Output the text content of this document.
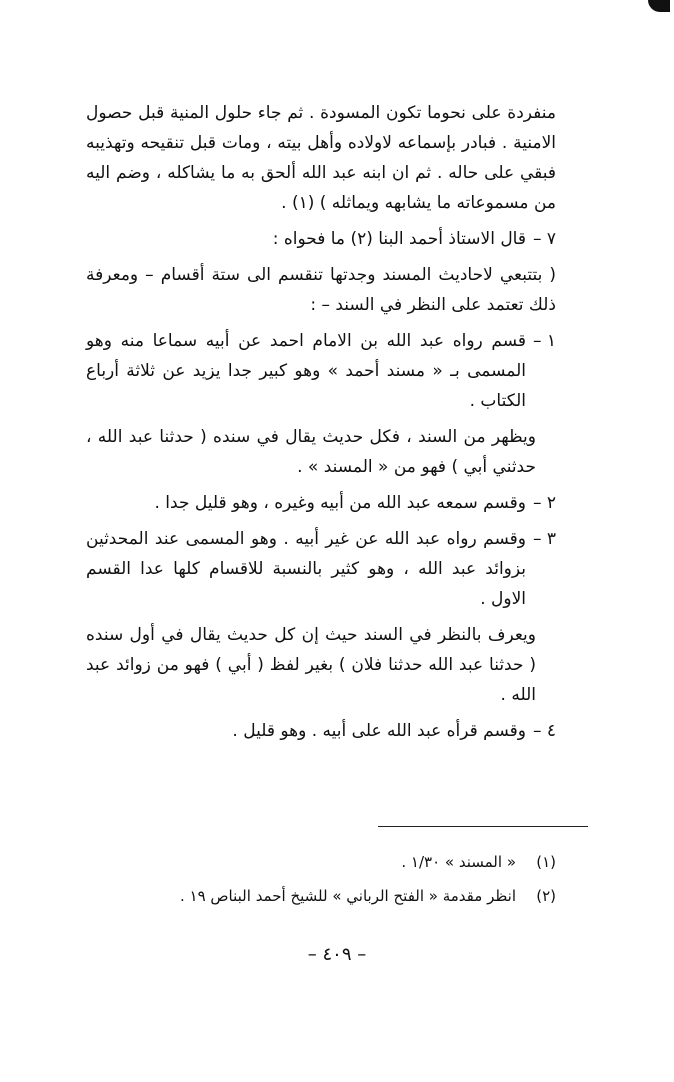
منفردة على نحوما تكون المسودة . ثم جاء حلول المنية قبل حصول الامنية . فبادر بإسماعه لاولاده وأهل بيته ، ومات قبل تنقيحه وتهذيبه فبقي على حاله . ثم ان ابنه عبد الله ألحق به ما يشاكله ، وضم اليه من مسموعاته ما يشابهه ويماثله ) (١) .

٧ –
قال الاستاذ أحمد البنا (٢) ما فحواه :

( بتتبعي لاحاديث المسند وجدتها تنقسم الى ستة أقسام – ومعرفة ذلك تعتمد على النظر في السند – :

١ –
قسم رواه عبد الله بن الامام احمد عن أبيه سماعا منه وهو المسمى بـ « مسند أحمد » وهو كبير جدا يزيد عن ثلاثة أرباع الكتاب .

ويظهر من السند ، فكل حديث يقال في سنده ( حدثنا عبد الله ، حدثني أبي ) فهو من « المسند » .

٢ –
وقسم سمعه عبد الله من أبيه وغيره ، وهو قليل جدا .
٣ –
وقسم رواه عبد الله عن غير أبيه . وهو المسمى عند المحدثين بزوائد عبد الله ، وهو كثير بالنسبة للاقسام كلها عدا القسم الاول .

ويعرف بالنظر في السند حيث إن كل حديث يقال في أول سنده ( حدثنا عبد الله حدثنا فلان ) بغير لفظ ( أبي ) فهو من زوائد عبد الله .

٤ –
وقسم قرأه عبد الله على أبيه . وهو قليل .
(١)
« المسند » ١/٣٠ .
(٢)
انظر مقدمة « الفتح الرباني » للشيخ أحمد البناص ١٩ .
– ٤٠٩ –
